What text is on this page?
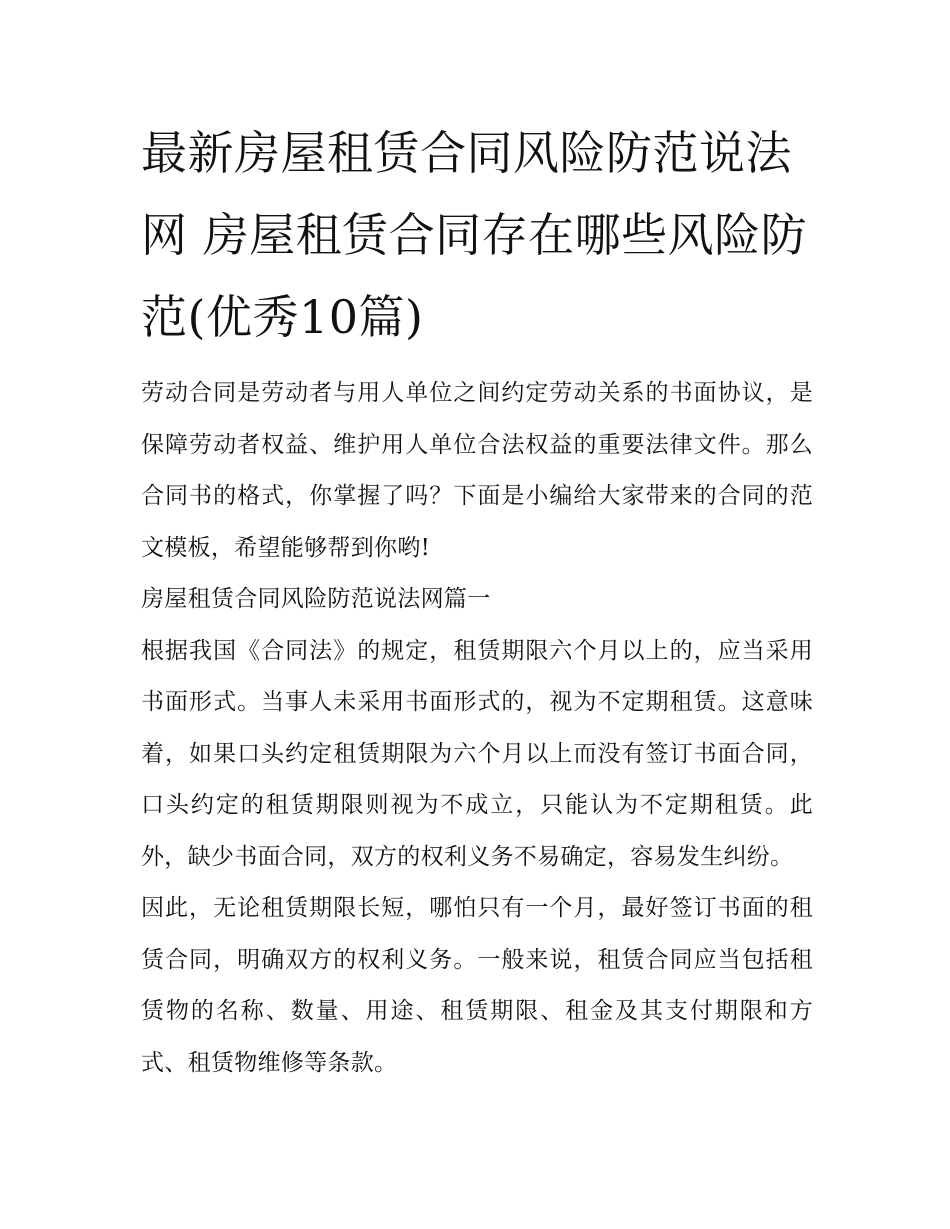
最新房屋租赁合同风险防范说法网 房屋租赁合同存在哪些风险防范(优秀10篇)

劳动合同是劳动者与用人单位之间约定劳动关系的书面协议，是保障劳动者权益、维护用人单位合法权益的重要法律文件。那么合同书的格式，你掌握了吗？下面是小编给大家带来的合同的范文模板，希望能够帮到你哟!

房屋租赁合同风险防范说法网篇一

根据我国《合同法》的规定，租赁期限六个月以上的，应当采用书面形式。当事人未采用书面形式的，视为不定期租赁。这意味着，如果口头约定租赁期限为六个月以上而没有签订书面合同，口头约定的租赁期限则视为不成立，只能认为不定期租赁。此外，缺少书面合同，双方的权利义务不易确定，容易发生纠纷。

因此，无论租赁期限长短，哪怕只有一个月，最好签订书面的租赁合同，明确双方的权利义务。一般来说，租赁合同应当包括租赁物的名称、数量、用途、租赁期限、租金及其支付期限和方式、租赁物维修等条款。
